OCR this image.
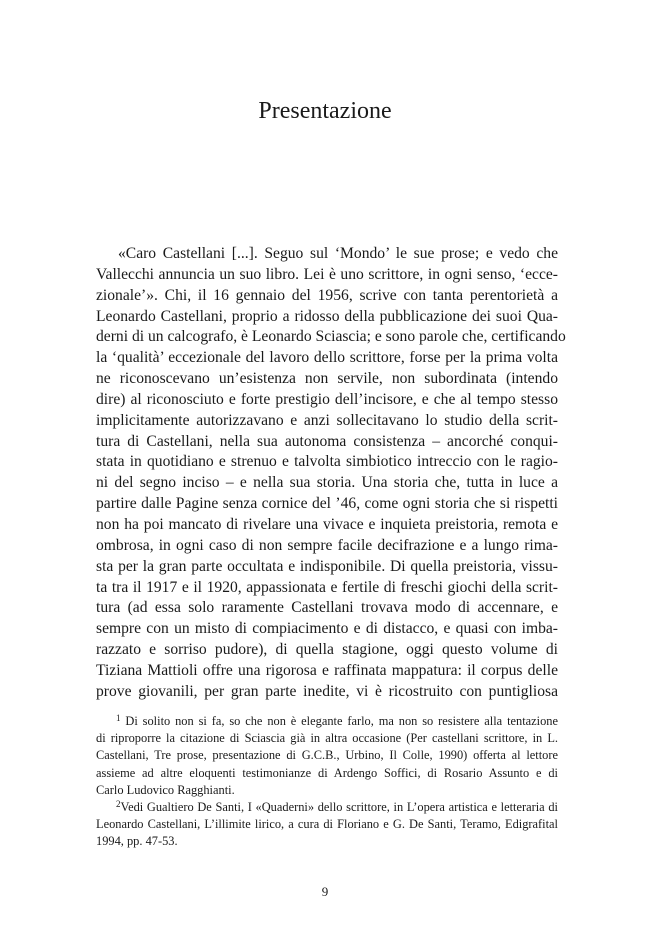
Presentazione
«Caro Castellani [...]. Seguo sul ‘Mondo’ le sue prose; e vedo che
Vallecchi annuncia un suo libro. Lei è uno scrittore, in ogni senso, ‘ecce-
zionale’». Chi, il 16 gennaio del 1956, scrive con tanta perentorietà a
Leonardo Castellani, proprio a ridosso della pubblicazione dei suoi Qua-
derni di un calcografo, è Leonardo Sciascia; e sono parole che, certificando
la ‘qualità’ eccezionale del lavoro dello scrittore, forse per la prima volta
ne riconoscevano un’esistenza non servile, non subordinata (intendo
dire) al riconosciuto e forte prestigio dell’incisore, e che al tempo stesso
implicitamente autorizzavano e anzi sollecitavano lo studio della scrit-
tura di Castellani, nella sua autonoma consistenza – ancorché conqui-
stata in quotidiano e strenuo e talvolta simbiotico intreccio con le ragio-
ni del segno inciso – e nella sua storia. Una storia che, tutta in luce a
partire dalle Pagine senza cornice del ’46, come ogni storia che si rispetti
non ha poi mancato di rivelare una vivace e inquieta preistoria, remota e
ombrosa, in ogni caso di non sempre facile decifrazione e a lungo rima-
sta per la gran parte occultata e indisponibile. Di quella preistoria, vissu-
ta tra il 1917 e il 1920, appassionata e fertile di freschi giochi della scrit-
tura (ad essa solo raramente Castellani trovava modo di accennare, e
sempre con un misto di compiacimento e di distacco, e quasi con imba-
razzato e sorriso pudore), di quella stagione, oggi questo volume di
Tiziana Mattioli offre una rigorosa e raffinata mappatura: il corpus delle
prove giovanili, per gran parte inedite, vi è ricostruito con puntigliosa
$^1$ Di solito non si fa, so che non è elegante farlo, ma non so resistere alla tentazione
di riproporre la citazione di Sciascia già in altra occasione (Per castellani scrittore, in L.
Castellani, Tre prose, presentazione di G.C.B., Urbino, Il Colle, 1990) offerta al lettore
assieme ad altre eloquenti testimonianze di Ardengo Soffici, di Rosario Assunto e di
Carlo Ludovico Ragghianti.
$^2$Vedi Gualtiero De Santi, I «Quaderni» dello scrittore, in L’opera artistica e letteraria di
Leonardo Castellani, L’illimite lirico, a cura di Floriano e G. De Santi, Teramo, Edigrafital
1994, pp. 47-53.
9
